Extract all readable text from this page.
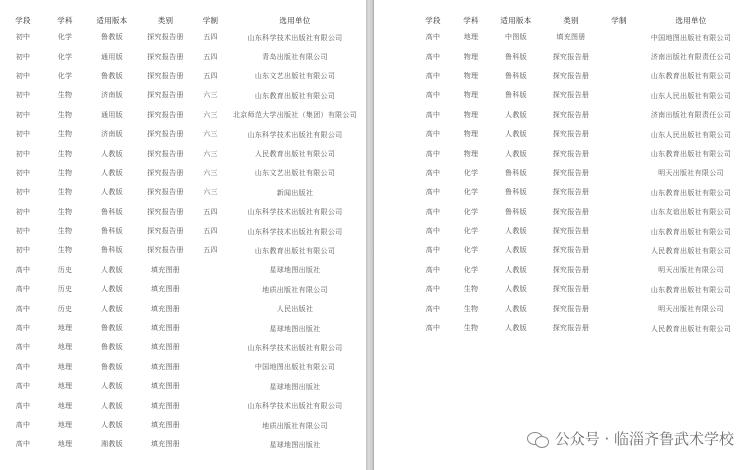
学段	学科	适用版本	类别	学制	选用单位
初中	化学	鲁教版	探究报告册	五四	山东科学技术出版社有限公司
初中	化学	通用版	探究报告册	五四	青岛出版社有限公司
初中	化学	鲁教版	探究报告册	五四	山东文艺出版社有限公司
初中	生物	济南版	探究报告册	六三	山东教育出版社有限公司
初中	生物	通用版	探究报告册	六三	北京师范大学出版社（集团）有限公司
初中	生物	济南版	探究报告册	六三	山东科学技术出版社有限公司
初中	生物	人教版	探究报告册	六三	人民教育出版社有限公司
初中	生物	人教版	探究报告册	六三	山东文艺出版社有限公司
初中	生物	人教版	探究报告册	六三	新闻出版社
初中	生物	鲁科版	探究报告册	五四	山东科学技术出版社有限公司
初中	生物	鲁科版	探究报告册	五四	山东科学技术出版社有限公司
初中	生物	鲁科版	探究报告册	五四	山东教育出版社有限公司
高中	历史	人教版	填充图册		星球地图出版社
高中	历史	人教版	填充图册		地质出版社有限公司
高中	历史	人教版	填充图册		人民出版社
高中	地理	鲁教版	填充图册		星球地图出版社
高中	地理	鲁教版	填充图册		山东科学技术出版社有限公司
高中	地理	鲁教版	填充图册		中国地图出版社有限公司
高中	地理	人教版	填充图册		星球地图出版社
高中	地理	人教版	填充图册		山东科学技术出版社有限公司
高中	地理	人教版	填充图册		地质出版社有限公司
高中	地理	湘教版	填充图册		星球地图出版社
学段	学科	适用版本	类别	学制	选用单位
高中	地理	中图版	填充图册		中国地图出版社有限公司
高中	物理	鲁科版	探究报告册		济南出版社有限责任公司
高中	物理	鲁科版	探究报告册		山东教育出版社有限公司
高中	物理	鲁科版	探究报告册		山东人民出版社有限公司
高中	物理	人教版	探究报告册		济南出版社有限责任公司
高中	物理	人教版	探究报告册		山东人民出版社有限公司
高中	物理	人教版	探究报告册		山东教育出版社有限公司
高中	化学	鲁科版	探究报告册		明天出版社有限公司
高中	化学	鲁科版	探究报告册		山东教育出版社有限公司
高中	化学	鲁科版	探究报告册		山东友谊出版社有限公司
高中	化学	人教版	探究报告册		山东教育出版社有限公司
高中	化学	人教版	探究报告册		人民教育出版社有限公司
高中	化学	人教版	探究报告册		明天出版社有限公司
高中	生物	人教版	探究报告册		山东教育出版社有限公司
高中	生物	人教版	探究报告册		明天出版社有限公司
高中	生物	人教版	探究报告册		人民教育出版社有限公司
公众号 · 临淄齐鲁武术学校
